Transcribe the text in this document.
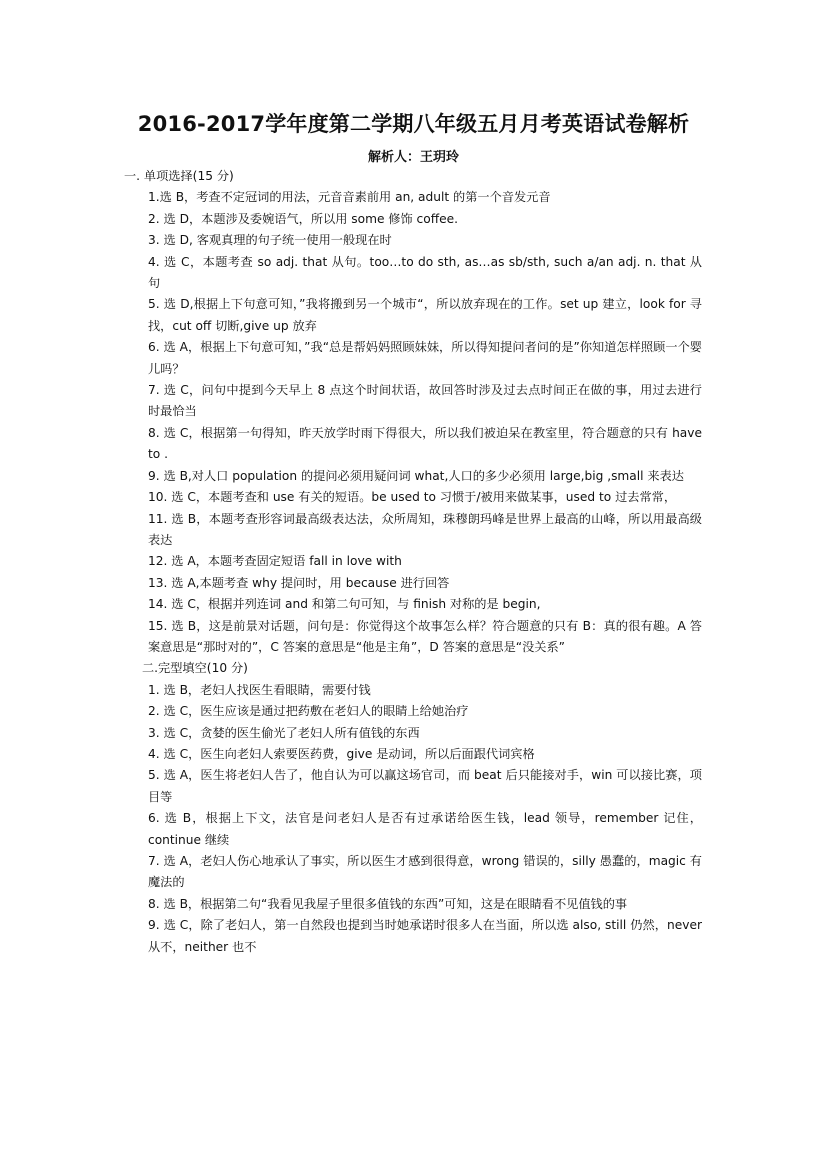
2016-2017学年度第二学期八年级五月月考英语试卷解析
解析人：王玥玲

一. 单项选择(15 分)

1.选 B，考查不定冠词的用法，元音音素前用 an, adult 的第一个音发元音

2. 选 D，本题涉及委婉语气，所以用 some 修饰 coffee.

3. 选 D, 客观真理的句子统一使用一般现在时

4. 选 C，本题考查 so adj. that 从句。too…to do sth, as…as sb/sth, such a/an adj. n. that 从句

5. 选 D,根据上下句意可知，”我将搬到另一个城市“，所以放弃现在的工作。set up 建立，look for 寻找，cut off 切断,give up 放弃

6. 选 A，根据上下句意可知，”我“总是帮妈妈照顾妹妹，所以得知提问者问的是”你知道怎样照顾一个婴儿吗？

7. 选 C，问句中提到今天早上 8 点这个时间状语，故回答时涉及过去点时间正在做的事，用过去进行时最恰当

8. 选 C，根据第一句得知，昨天放学时雨下得很大，所以我们被迫呆在教室里，符合题意的只有 have to .

9. 选 B,对人口 population 的提问必须用疑问词 what,人口的多少必须用 large,big ,small 来表达

10. 选 C，本题考查和 use 有关的短语。be used to 习惯于/被用来做某事，used to 过去常常，

11. 选 B，本题考查形容词最高级表达法，众所周知，珠穆朗玛峰是世界上最高的山峰，所以用最高级表达

12. 选 A，本题考查固定短语 fall in love with

13. 选 A,本题考查 why 提问时，用 because 进行回答

14. 选 C，根据并列连词 and 和第二句可知，与 finish 对称的是 begin,

15. 选 B，这是前景对话题，问句是：你觉得这个故事怎么样？符合题意的只有 B：真的很有趣。A 答案意思是“那时对的”，C 答案的意思是“他是主角”，D 答案的意思是“没关系”

二.完型填空(10 分)

1. 选 B，老妇人找医生看眼睛，需要付钱

2. 选 C，医生应该是通过把药敷在老妇人的眼睛上给她治疗

3. 选 C，贪婪的医生偷光了老妇人所有值钱的东西

4. 选 C，医生向老妇人索要医药费，give 是动词，所以后面跟代词宾格

5. 选 A，医生将老妇人告了，他自认为可以赢这场官司，而 beat 后只能接对手，win 可以接比赛，项目等

6. 选 B，根据上下文，法官是问老妇人是否有过承诺给医生钱，lead 领导，remember 记住，continue 继续

7. 选 A，老妇人伤心地承认了事实，所以医生才感到很得意，wrong 错误的，silly 愚蠢的，magic 有魔法的

8. 选 B，根据第二句“我看见我屋子里很多值钱的东西”可知，这是在眼睛看不见值钱的事

9. 选 C，除了老妇人，第一自然段也提到当时她承诺时很多人在当面，所以选 also, still 仍然，never 从不，neither 也不
